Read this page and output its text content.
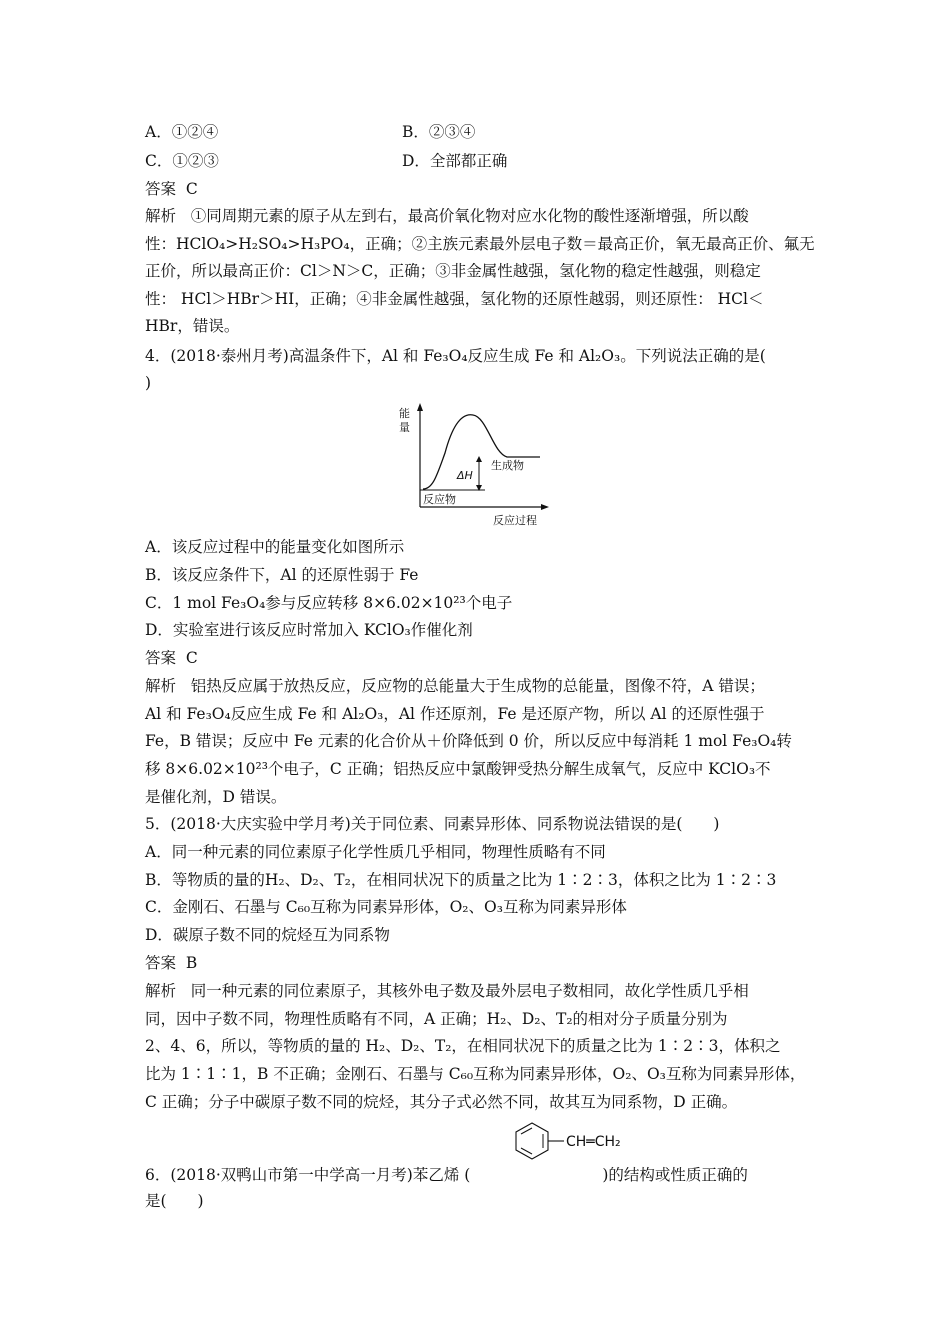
A．①②④	B．②③④
C．①②③	D．全部都正确
答案 C
解析 ①同周期元素的原子从左到右，最高价氧化物对应水化物的酸性逐渐增强，所以酸
性：HClO₄>H₂SO₄>H₃PO₄，正确；②主族元素最外层电子数＝最高正价，氧无最高正价、氟无
正价，所以最高正价：Cl＞N＞C，正确；③非金属性越强，氢化物的稳定性越强，则稳定
性： HCl＞HBr＞HI，正确；④非金属性越强，氢化物的还原性越弱，则还原性： HCl＜
HBr，错误。
4．(2018·泰州月考)高温条件下，Al 和 Fe₃O₄反应生成 Fe 和 Al₂O₃。下列说法正确的是(
)
能
量
ΔH
生成物
反应物
反应过程
A．该反应过程中的能量变化如图所示
B．该反应条件下，Al 的还原性弱于 Fe
C．1 mol Fe₃O₄参与反应转移 8×6.02×10²³个电子
D．实验室进行该反应时常加入 KClO₃作催化剂
答案 C
解析 铝热反应属于放热反应，反应物的总能量大于生成物的总能量，图像不符，A 错误；
Al 和 Fe₃O₄反应生成 Fe 和 Al₂O₃，Al 作还原剂，Fe 是还原产物，所以 Al 的还原性强于
Fe，B 错误；反应中 Fe 元素的化合价从＋价降低到 0 价，所以反应中每消耗 1 mol Fe₃O₄转
移 8×6.02×10²³个电子，C 正确；铝热反应中氯酸钾受热分解生成氧气，反应中 KClO₃不
是催化剂，D 错误。
5．(2018·大庆实验中学月考)关于同位素、同素异形体、同系物说法错误的是(　　)
A．同一种元素的同位素原子化学性质几乎相同，物理性质略有不同
B．等物质的量的H₂、D₂、T₂，在相同状况下的质量之比为 1∶2∶3，体积之比为 1∶2∶3
C．金刚石、石墨与 C₆₀互称为同素异形体，O₂、O₃互称为同素异形体
D．碳原子数不同的烷烃互为同系物
答案 B
解析 同一种元素的同位素原子，其核外电子数及最外层电子数相同，故化学性质几乎相
同，因中子数不同，物理性质略有不同，A 正确；H₂、D₂、T₂的相对分子质量分别为
2、4、6，所以，等物质的量的 H₂、D₂、T₂，在相同状况下的质量之比为 1∶2∶3，体积之
比为 1∶1∶1，B 不正确；金刚石、石墨与 C₆₀互称为同素异形体，O₂、O₃互称为同素异形体，
C 正确；分子中碳原子数不同的烷烃，其分子式必然不同，故其互为同系物，D 正确。
CH═CH₂
6．(2018·双鸭山市第一中学高一月考)苯乙烯 (	)的结构或性质正确的
是(　　)
